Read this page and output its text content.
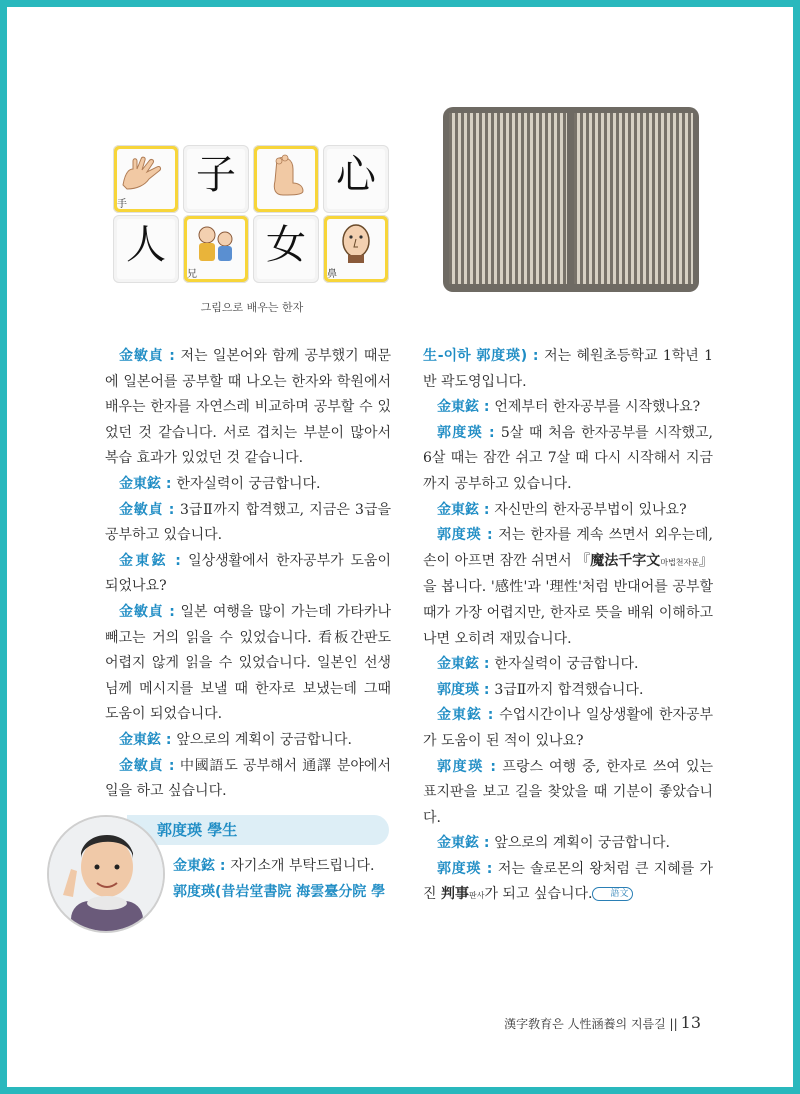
手
子	心
人
兄
女
鼻
그림으로 배우는 한자

金敏貞 : 저는 일본어와 함께 공부했기 때문에 일본어를 공부할 때 나오는 한자와 학원에서 배우는 한자를 자연스레 비교하며 공부할 수 있었던 것 같습니다. 서로 겹치는 부분이 많아서 복습 효과가 있었던 것 같습니다.

金東鉉 : 한자실력이 궁금합니다.

金敏貞 : 3급Ⅱ까지 합격했고, 지금은 3급을 공부하고 있습니다.

金東鉉 : 일상생활에서 한자공부가 도움이 되었나요?

金敏貞 : 일본 여행을 많이 가는데 가타카나 빼고는 거의 읽을 수 있었습니다. 看板간판도 어렵지 않게 읽을 수 있었습니다. 일본인 선생님께 메시지를 보낼 때 한자로 보냈는데 그때 도움이 되었습니다.

金東鉉 : 앞으로의 계획이 궁금합니다.

金敏貞 : 中國語도 공부해서 通譯 분야에서 일을 하고 싶습니다.

郭度瑛 學生

金東鉉 : 자기소개 부탁드립니다.

郭度瑛(昔岩堂書院 海雲臺分院 學

生-이하 郭度瑛) : 저는 혜원초등학교 1학년 1반 곽도영입니다.

金東鉉 : 언제부터 한자공부를 시작했나요?

郭度瑛 : 5살 때 처음 한자공부를 시작했고, 6살 때는 잠깐 쉬고 7살 때 다시 시작해서 지금까지 공부하고 있습니다.

金東鉉 : 자신만의 한자공부법이 있나요?

郭度瑛 : 저는 한자를 계속 쓰면서 외우는데, 손이 아프면 잠깐 쉬면서 『魔法千字文마법천자문』을 봅니다. '感性'과 '理性'처럼 반대어를 공부할 때가 가장 어렵지만, 한자로 뜻을 배워 이해하고 나면 오히려 재밌습니다.

金東鉉 : 한자실력이 궁금합니다.

郭度瑛 : 3급Ⅱ까지 합격했습니다.

金東鉉 : 수업시간이나 일상생활에 한자공부가 도움이 된 적이 있나요?

郭度瑛 : 프랑스 여행 중, 한자로 쓰여 있는 표지판을 보고 길을 찾았을 때 기분이 좋았습니다.

金東鉉 : 앞으로의 계획이 궁금합니다.

郭度瑛 : 저는 솔로몬의 왕처럼 큰 지혜를 가진 判事판사가 되고 싶습니다. 語文

漢字敎育은 人性涵養의 지름길 || 13
